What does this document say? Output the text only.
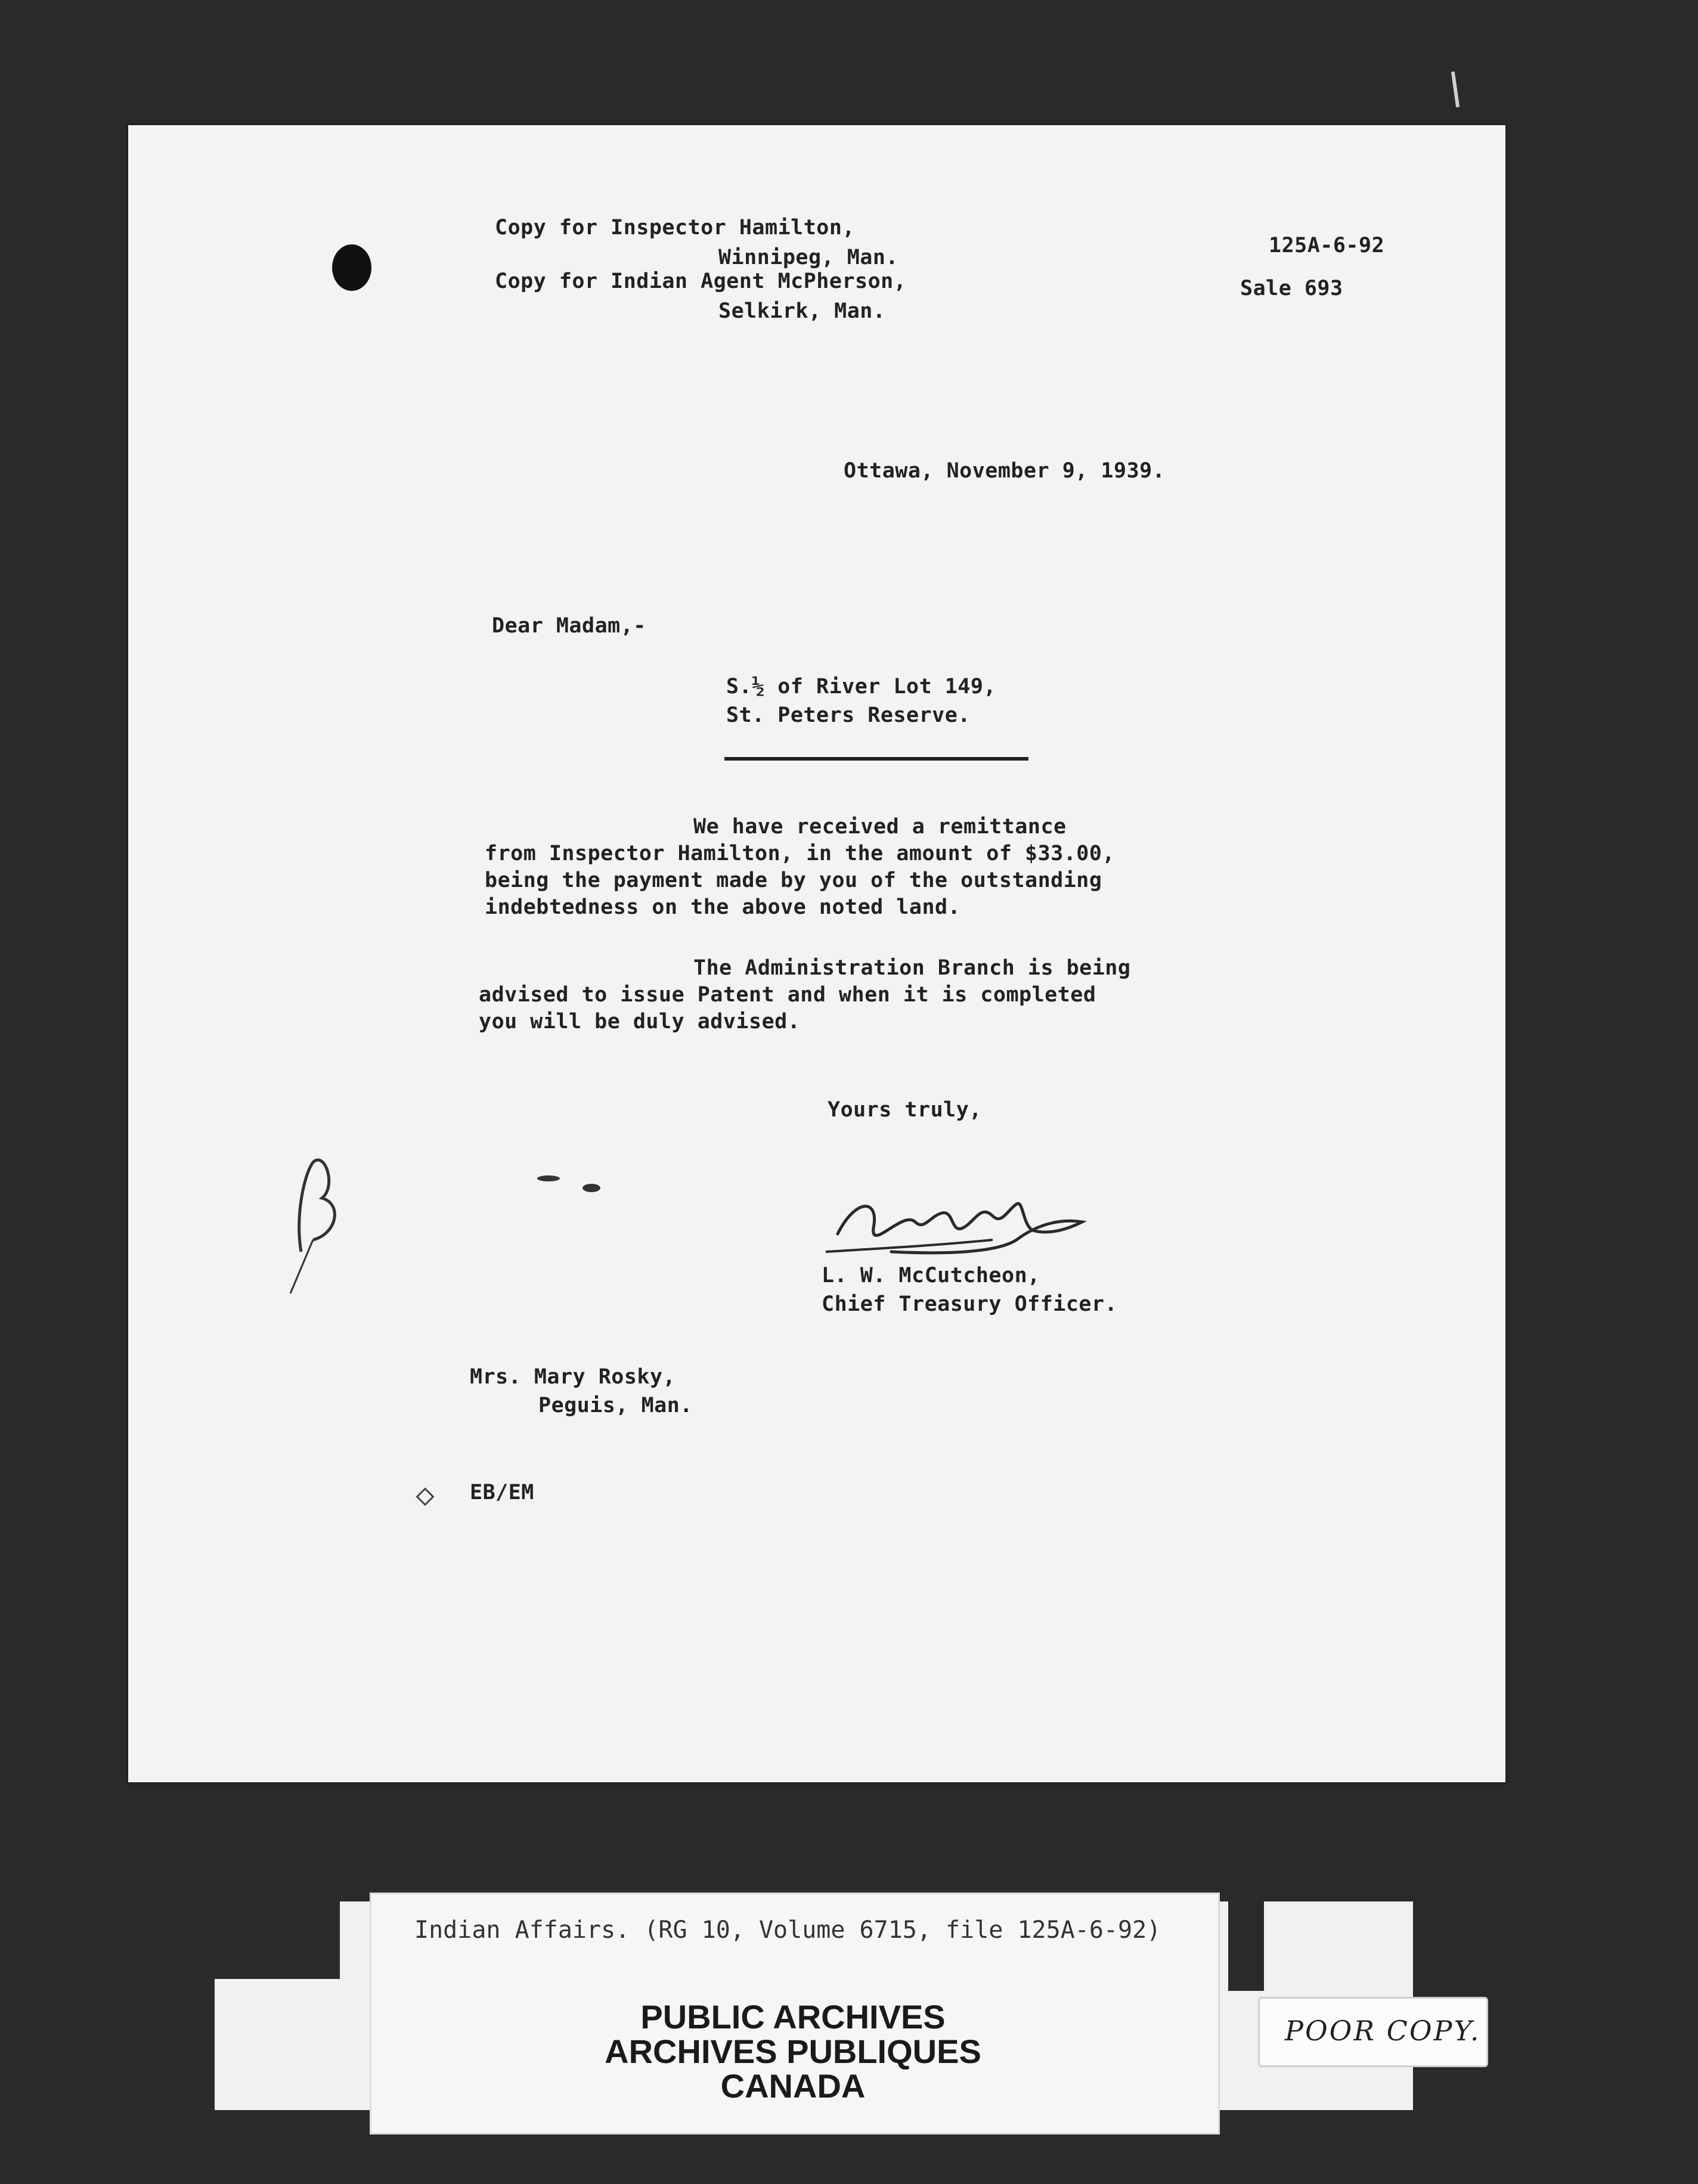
Copy for Inspector Hamilton,
Winnipeg, Man.
Copy for Indian Agent McPherson,
Selkirk, Man.
125A-6-92
Sale 693
Ottawa, November 9, 1939.
Dear Madam,-
S.½ of River Lot 149,
St. Peters Reserve.
We have received a remittance
from Inspector Hamilton, in the amount of $33.00,
being the payment made by you of the outstanding
indebtedness on the above noted land.
The Administration Branch is being
advised to issue Patent and when it is completed
you will be duly advised.
Yours truly,
L. W. McCutcheon,
Chief Treasury Officer.
Mrs. Mary Rosky,
Peguis, Man.
EB/EM
Indian Affairs. (RG 10, Volume 6715, file 125A-6-92)
PUBLIC ARCHIVES
ARCHIVES PUBLIQUES
CANADA
POOR COPY.
